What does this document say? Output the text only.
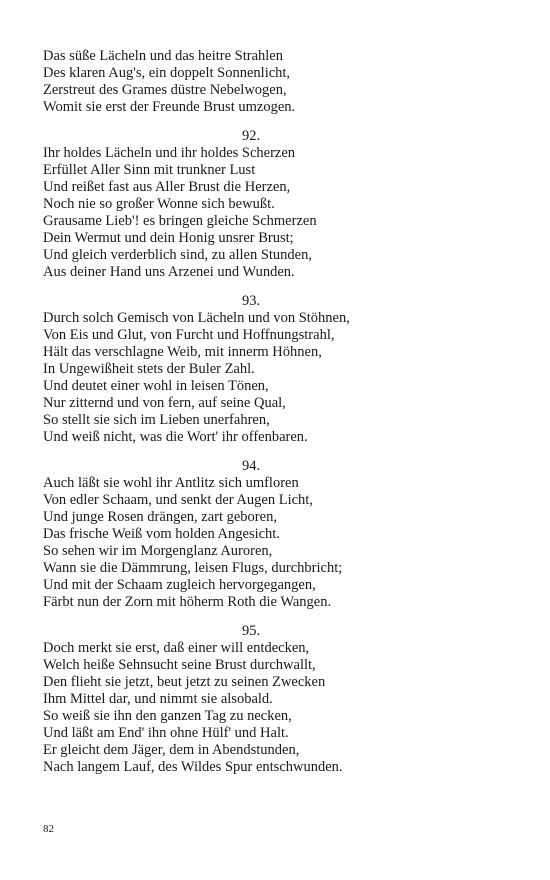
Das süße Lächeln und das heitre Strahlen
Des klaren Aug's, ein doppelt Sonnenlicht,
Zerstreut des Grames düstre Nebelwogen,
Womit sie erst der Freunde Brust umzogen.
92.
Ihr holdes Lächeln und ihr holdes Scherzen
Erfüllet Aller Sinn mit trunkner Lust
Und reißet fast aus Aller Brust die Herzen,
Noch nie so großer Wonne sich bewußt.
Grausame Lieb'! es bringen gleiche Schmerzen
Dein Wermut und dein Honig unsrer Brust;
Und gleich verderblich sind, zu allen Stunden,
Aus deiner Hand uns Arzenei und Wunden.
93.
Durch solch Gemisch von Lächeln und von Stöhnen,
Von Eis und Glut, von Furcht und Hoffnungstrahl,
Hält das verschlagne Weib, mit innerm Höhnen,
In Ungewißheit stets der Buler Zahl.
Und deutet einer wohl in leisen Tönen,
Nur zitternd und von fern, auf seine Qual,
So stellt sie sich im Lieben unerfahren,
Und weiß nicht, was die Wort' ihr offenbaren.
94.
Auch läßt sie wohl ihr Antlitz sich umfloren
Von edler Schaam, und senkt der Augen Licht,
Und junge Rosen drängen, zart geboren,
Das frische Weiß vom holden Angesicht.
So sehen wir im Morgenglanz Auroren,
Wann sie die Dämmrung, leisen Flugs, durchbricht;
Und mit der Schaam zugleich hervorgegangen,
Färbt nun der Zorn mit höherm Roth die Wangen.
95.
Doch merkt sie erst, daß einer will entdecken,
Welch heiße Sehnsucht seine Brust durchwallt,
Den flieht sie jetzt, beut jetzt zu seinen Zwecken
Ihm Mittel dar, und nimmt sie alsobald.
So weiß sie ihn den ganzen Tag zu necken,
Und läßt am End' ihn ohne Hülf' und Halt.
Er gleicht dem Jäger, dem in Abendstunden,
Nach langem Lauf, des Wildes Spur entschwunden.
82
